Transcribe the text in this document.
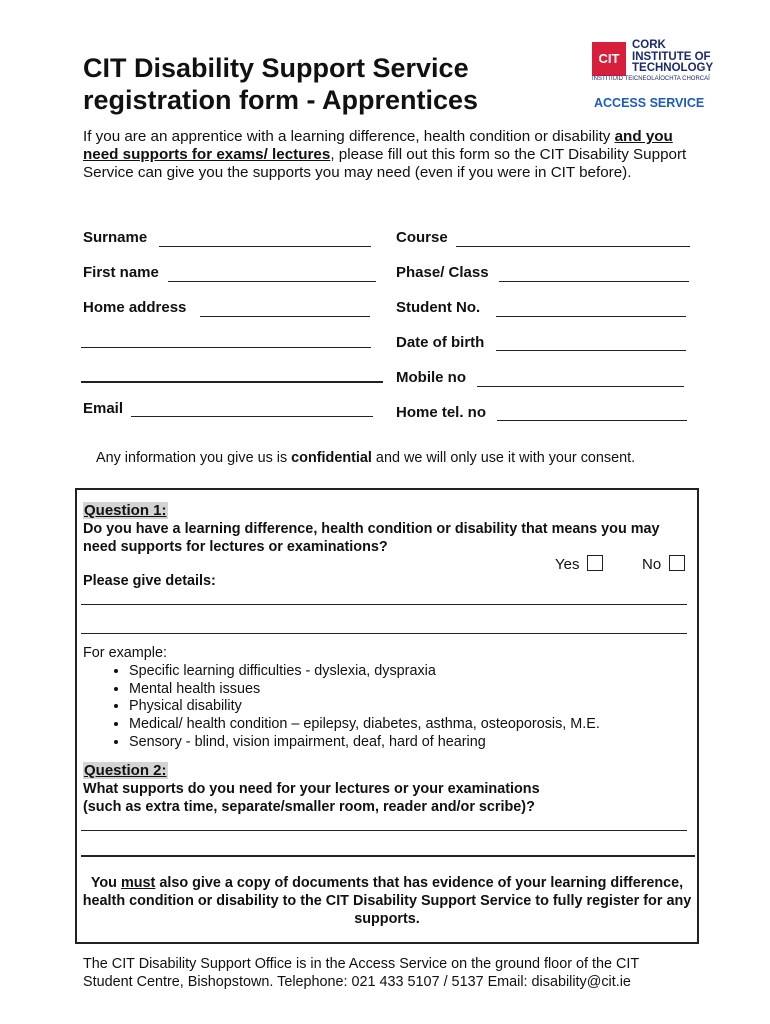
CIT Disability Support Service
registration form - Apprentices
CIT
CORK
INSTITUTE OF
TECHNOLOGY
INSTITIÚID TEICNEOLAÍOCHTA CHORCAÍ
ACCESS SERVICE
If you are an apprentice with a learning difference, health condition or disability and you need supports for exams/ lectures, please fill out this form so the CIT Disability Support Service can give you the supports you may need (even if you were in CIT before).
Surname
First name
Home address
Email
Course
Phase/ Class
Student No.
Date of birth
Mobile no
Home tel. no
Any information you give us is confidential and we will only use it with your consent.
Question 1:
Do you have a learning difference, health condition or disability that means you may need supports for lectures or examinations?
Yes	No
Please give details:
For example:
• Specific learning difficulties - dyslexia, dyspraxia
• Mental health issues
• Physical disability
• Medical/ health condition – epilepsy, diabetes, asthma, osteoporosis, M.E.
• Sensory - blind, vision impairment, deaf, hard of hearing
Question 2:
What supports do you need for your lectures or your examinations
(such as extra time, separate/smaller room, reader and/or scribe)?
You must also give a copy of documents that has evidence of your learning difference, health condition or disability to the CIT Disability Support Service to fully register for any supports.
The CIT Disability Support Office is in the Access Service on the ground floor of the CIT
Student Centre, Bishopstown. Telephone: 021 433 5107 / 5137 Email: disability@cit.ie
